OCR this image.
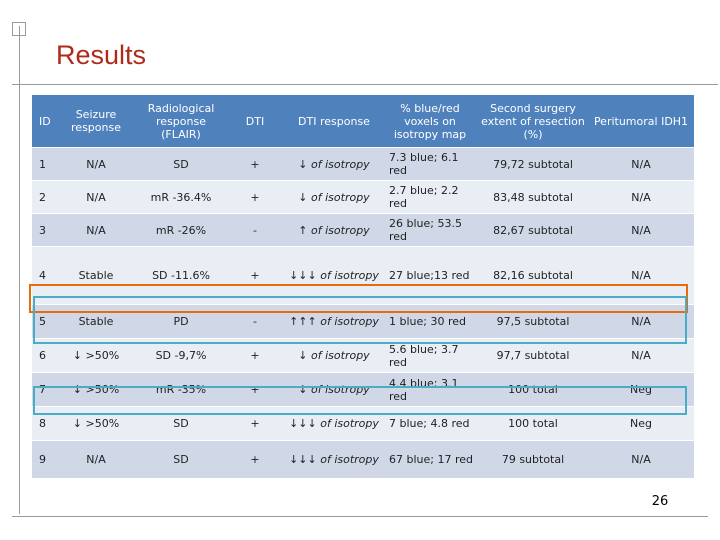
Results
ID	Seizure response	Radiological response (FLAIR)	DTI	DTI response	% blue/red voxels on isotropy map	Second surgery extent of resection (%)	Peritumoral IDH1
1	N/A	SD	+	↓ of isotropy	7.3 blue; 6.1 red	79,72 subtotal	N/A
2	N/A	mR -36.4%	+	↓ of isotropy	2.7 blue; 2.2 red	83,48 subtotal	N/A
3	N/A	mR -26%	-	↑ of isotropy	26 blue; 53.5 red	82,67 subtotal	N/A
4	Stable	SD -11.6%	+	↓↓↓ of isotropy	27 blue;13 red	82,16 subtotal	N/A
5	Stable	PD	-	↑↑↑ of isotropy	1 blue; 30 red	97,5 subtotal	N/A
6	↓ >50%	SD -9,7%	+	↓ of isotropy	5.6 blue; 3.7 red	97,7 subtotal	N/A
7	↓ >50%	mR -35%	+	↓ of isotropy	4.4 blue; 3.1 red	100 total	Neg
8	↓ >50%	SD	+	↓↓↓ of isotropy	7 blue; 4.8 red	100 total	Neg
9	N/A	SD	+	↓↓↓ of isotropy	67 blue; 17 red	79 subtotal	N/A
26
